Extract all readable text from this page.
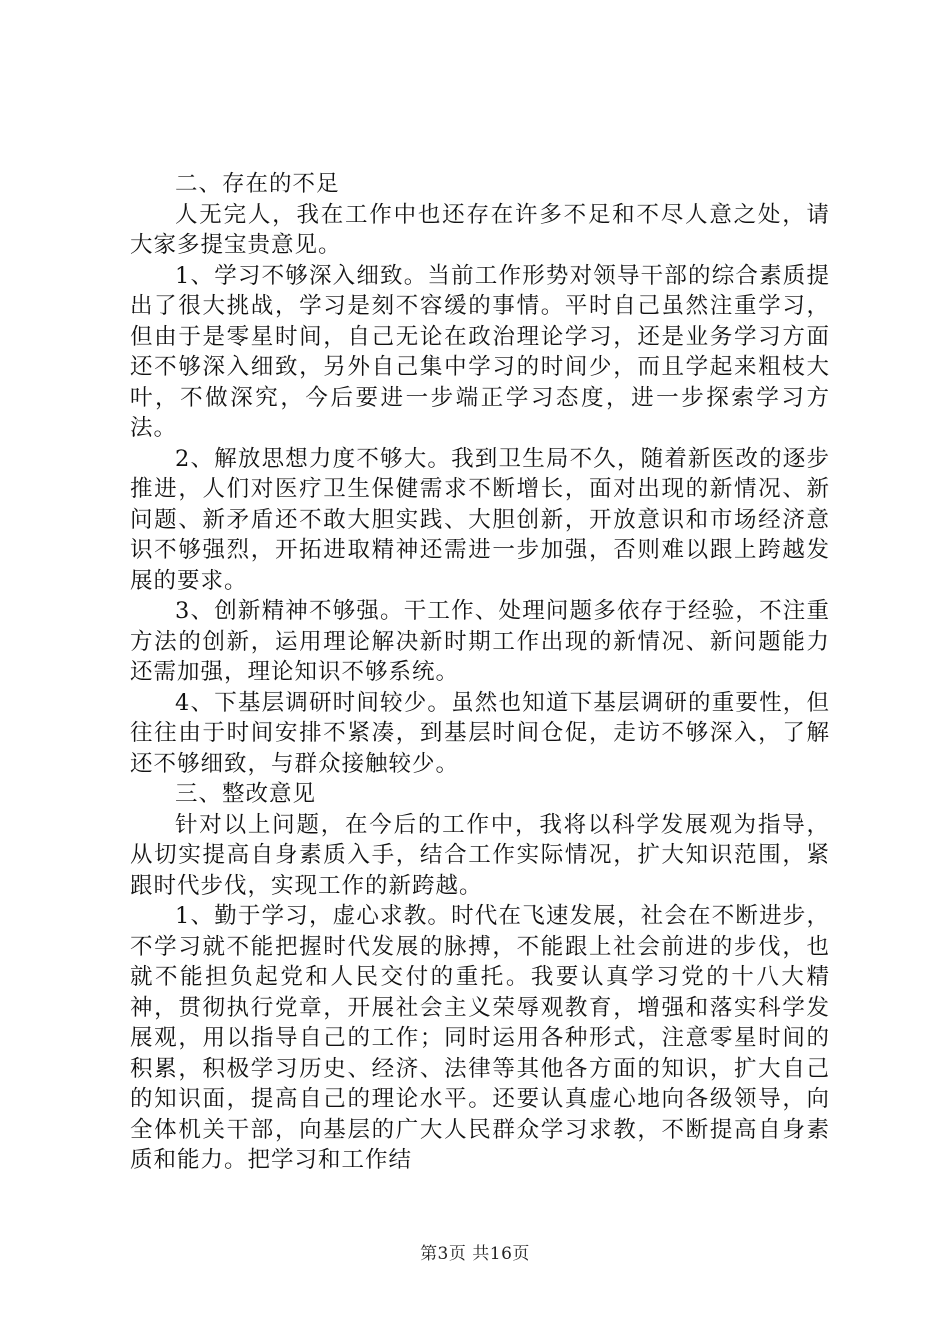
二、存在的不足

人无完人，我在工作中也还存在许多不足和不尽人意之处，请大家多提宝贵意见。

1、学习不够深入细致。当前工作形势对领导干部的综合素质提出了很大挑战，学习是刻不容缓的事情。平时自己虽然注重学习，但由于是零星时间，自己无论在政治理论学习，还是业务学习方面还不够深入细致，另外自己集中学习的时间少，而且学起来粗枝大叶，不做深究，今后要进一步端正学习态度，进一步探索学习方法。

2、解放思想力度不够大。我到卫生局不久，随着新医改的逐步推进，人们对医疗卫生保健需求不断增长，面对出现的新情况、新问题、新矛盾还不敢大胆实践、大胆创新，开放意识和市场经济意识不够强烈，开拓进取精神还需进一步加强，否则难以跟上跨越发展的要求。

3、创新精神不够强。干工作、处理问题多依存于经验，不注重方法的创新，运用理论解决新时期工作出现的新情况、新问题能力还需加强，理论知识不够系统。

4、下基层调研时间较少。虽然也知道下基层调研的重要性，但往往由于时间安排不紧凑，到基层时间仓促，走访不够深入，了解还不够细致，与群众接触较少。

三、整改意见

针对以上问题，在今后的工作中，我将以科学发展观为指导，从切实提高自身素质入手，结合工作实际情况，扩大知识范围，紧跟时代步伐，实现工作的新跨越。

1、勤于学习，虚心求教。时代在飞速发展，社会在不断进步，不学习就不能把握时代发展的脉搏，不能跟上社会前进的步伐，也就不能担负起党和人民交付的重托。我要认真学习党的十八大精神，贯彻执行党章，开展社会主义荣辱观教育，增强和落实科学发展观，用以指导自己的工作；同时运用各种形式，注意零星时间的积累，积极学习历史、经济、法律等其他各方面的知识，扩大自己的知识面，提高自己的理论水平。还要认真虚心地向各级领导，向全体机关干部，向基层的广大人民群众学习求教，不断提高自身素质和能力。把学习和工作结

第3页 共16页
